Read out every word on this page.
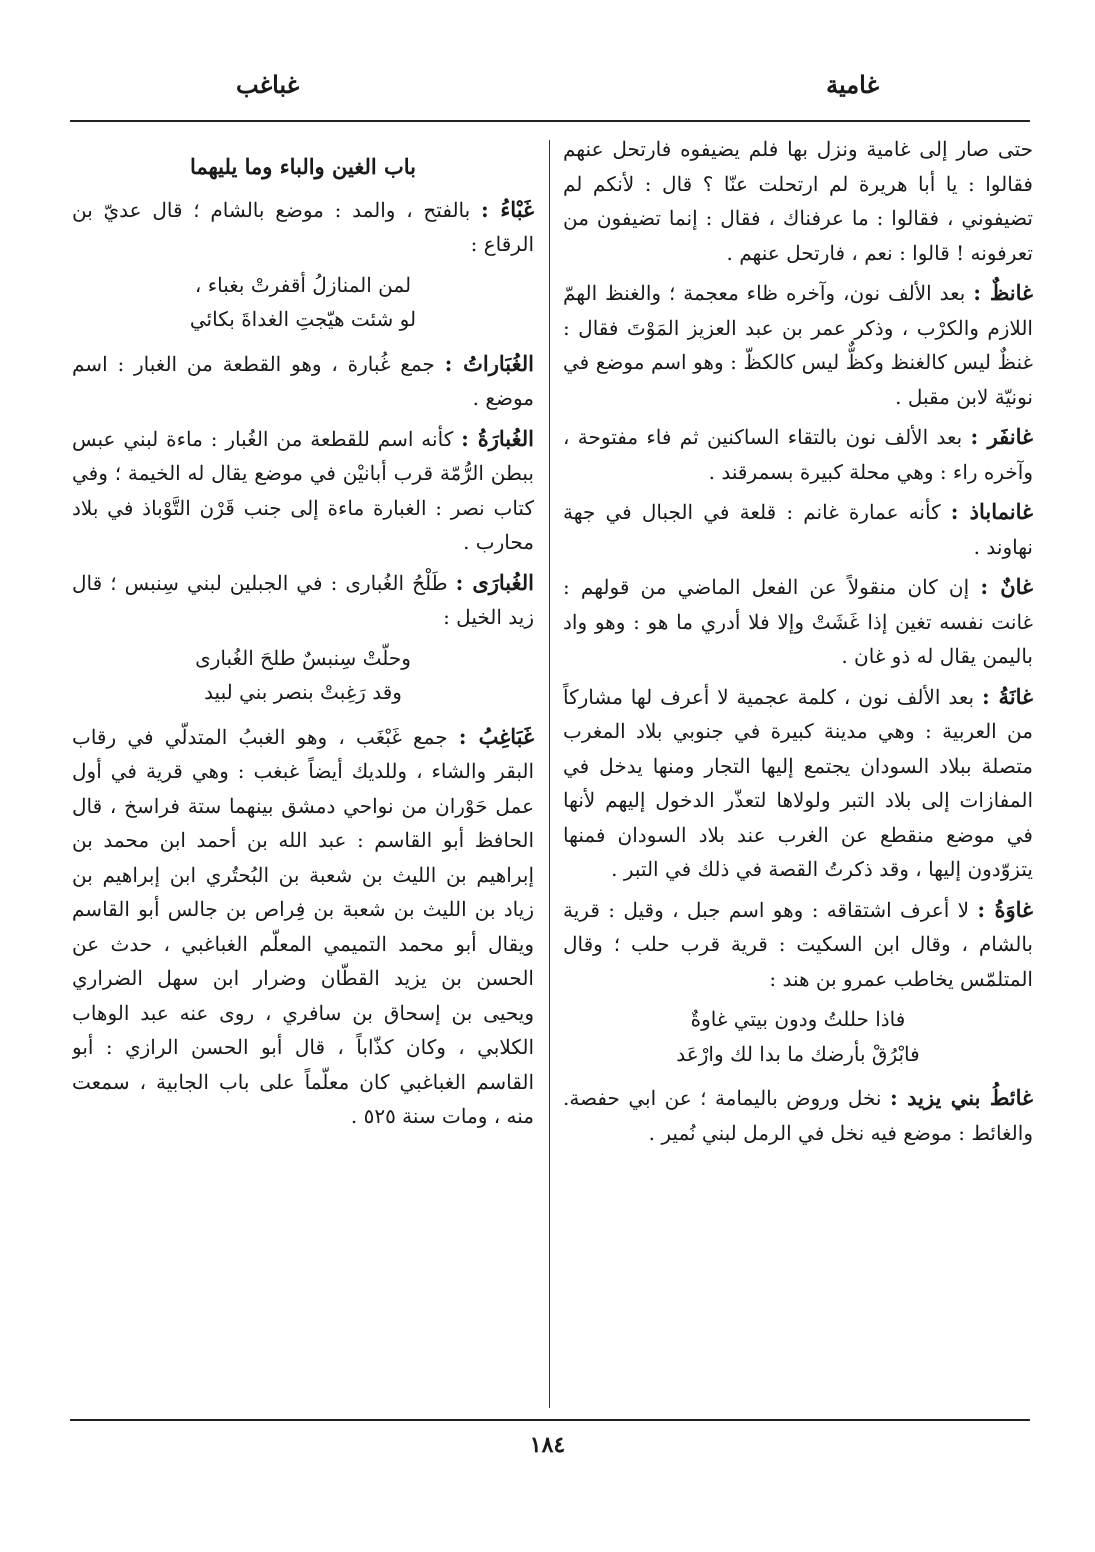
غامية
غباغب

حتى صار إلى غامية ونزل بها فلم يضيفوه فارتحل عنهم فقالوا : يا أبا هريرة لم ارتحلت عنّا ؟ قال : لأنكم لم تضيفوني ، فقالوا : ما عرفناك ، فقال : إنما تضيفون من تعرفونه ! قالوا : نعم ، فارتحل عنهم .

غانظٌ : بعد الألف نون، وآخره ظاء معجمة ؛ والغنظ الهمّ اللازم والكرْب ، وذكر عمر بن عبد العزيز المَوْتَ فقال : غنظٌ ليس كالغنظ وكظٌّ ليس كالكظّ : وهو اسم موضع في نونيّة لابن مقبل .

غانفَر : بعد الألف نون بالتقاء الساكنين ثم فاء مفتوحة ، وآخره راء : وهي محلة كبيرة بسمرقند .

غانماباذ : كأنه عمارة غانم : قلعة في الجبال في جهة نهاوند .

غانٌ : إن كان منقولاً عن الفعل الماضي من قولهم : غانت نفسه تغين إذا غَشَتْ وإلا فلا أدري ما هو : وهو واد باليمن يقال له ذو غان .

غانَةُ : بعد الألف نون ، كلمة عجمية لا أعرف لها مشاركاً من العربية : وهي مدينة كبيرة في جنوبي بلاد المغرب متصلة ببلاد السودان يجتمع إليها التجار ومنها يدخل في المفازات إلى بلاد التبر ولولاها لتعذّر الدخول إليهم لأنها في موضع منقطع عن الغرب عند بلاد السودان فمنها يتزوّدون إليها ، وقد ذكرتُ القصة في ذلك في التبر .

غاوَةُ : لا أعرف اشتقاقه : وهو اسم جبل ، وقيل : قرية بالشام ، وقال ابن السكيت : قرية قرب حلب ؛ وقال المتلمّس يخاطب عمرو بن هند :

فاذا حللتُ ودون بيتي غاوةٌ
فابْرُقْ بأرضك ما بدا لك وارْعَد

غائطُ بني يزيد : نخل وروض باليمامة ؛ عن ابي حفصة. والغائط : موضع فيه نخل في الرمل لبني نُمير .

باب الغين والباء وما يليهما

غَبْاءُ : بالفتح ، والمد : موضع بالشام ؛ قال عديّ بن الرقاع :

لمن المنازلُ أقفرتْ بغباء ،
لو شئت هيّجتِ الغداةَ بكائي

الغُبَاراتُ : جمع غُبارة ، وهو القطعة من الغبار : اسم موضع .

الغُبارَةُ : كأنه اسم للقطعة من الغُبار : ماءة لبني عبس ببطن الرُّمّة قرب أبانيْن في موضع يقال له الخيمة ؛ وفي كتاب نصر : الغبارة ماءة إلى جنب قَرْن التَّوْباذ في بلاد محارب .

الغُبارَى : طَلْحُ الغُبارى : في الجبلين لبني سِنبس ؛ قال زيد الخيل :

وحلّتْ سِنبسٌ طلحَ الغُبارى
وقد رَغِبتْ بنصر بني لبيد

غَبَاغِبُ : جمع غَبْغَب ، وهو الغببُ المتدلّي في رقاب البقر والشاء ، وللديك أيضاً غبغب : وهي قرية في أول عمل حَوْران من نواحي دمشق بينهما ستة فراسخ ، قال الحافظ أبو القاسم : عبد الله بن أحمد ابن محمد بن إبراهيم بن الليث بن شعبة بن البُحتُري ابن إبراهيم بن زياد بن الليث بن شعبة بن فِراص بن جالس أبو القاسم ويقال أبو محمد التميمي المعلّم الغباغبي ، حدث عن الحسن بن يزيد القطّان وضرار ابن سهل الضراري ويحيى بن إسحاق بن سافري ، روى عنه عبد الوهاب الكلابي ، وكان كذّاباً ، قال أبو الحسن الرازي : أبو القاسم الغباغبي كان معلّماً على باب الجابية ، سمعت منه ، ومات سنة ٥٢٥ .

١٨٤
